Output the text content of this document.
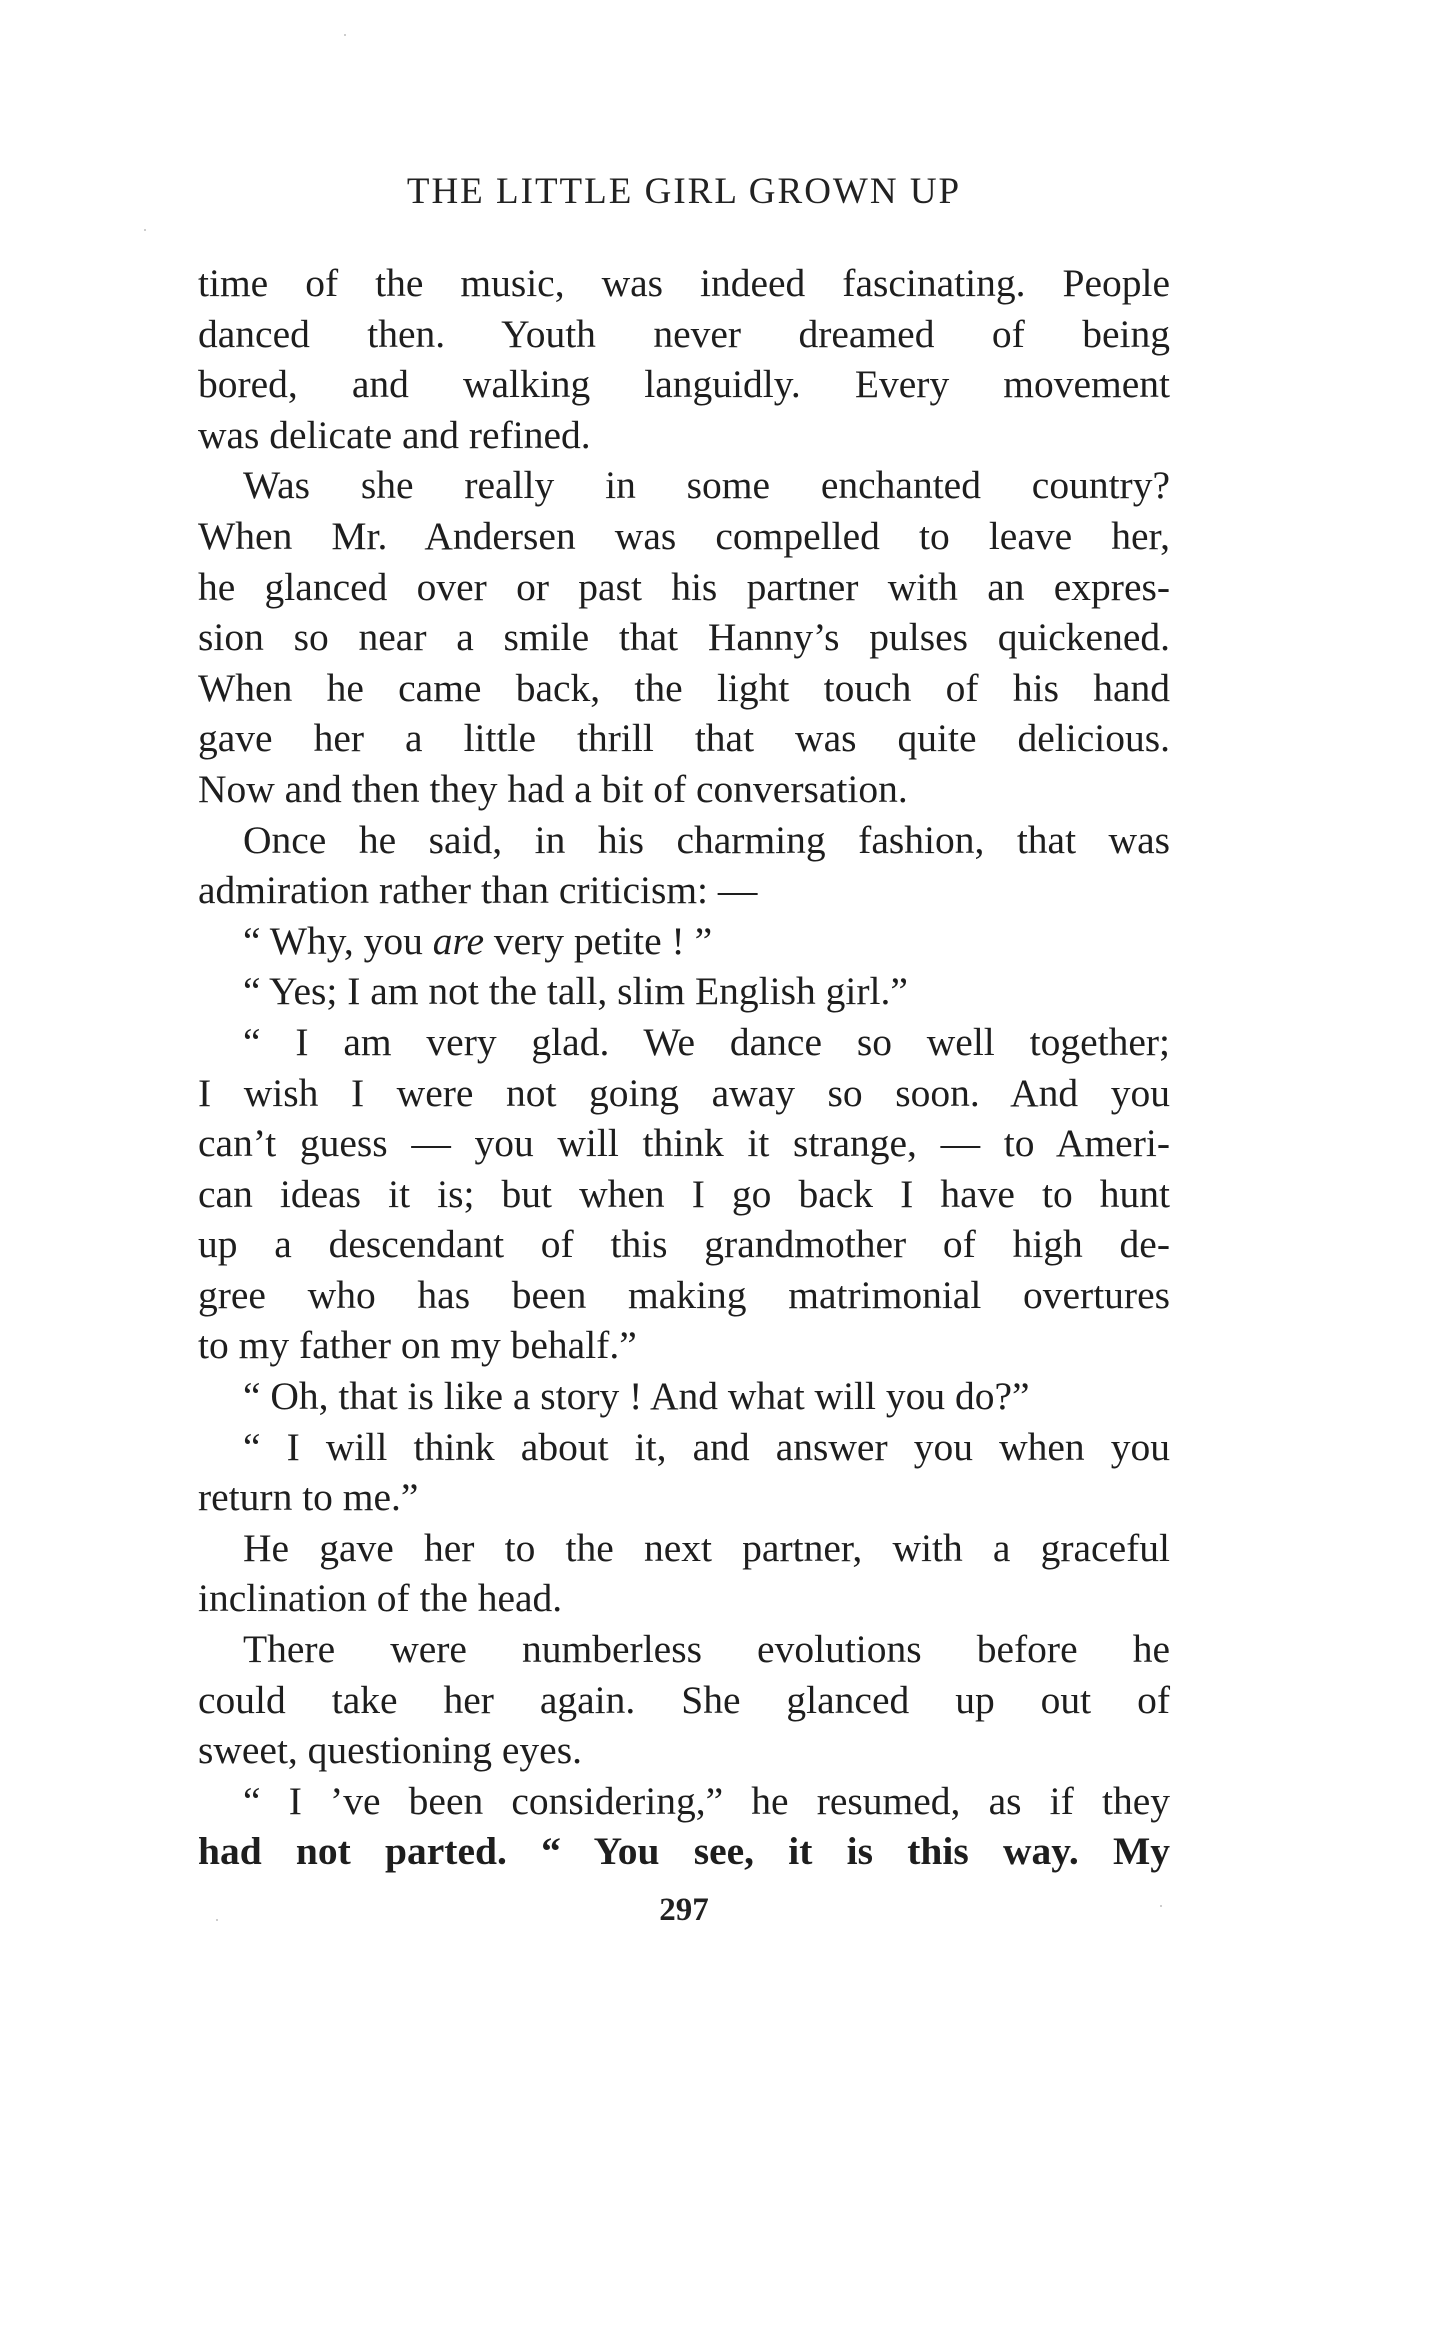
THE LITTLE GIRL GROWN UP
time of the music, was indeed fascinating. People
danced then. Youth never dreamed of being
bored, and walking languidly. Every movement
was delicate and refined.
Was she really in some enchanted country?
When Mr. Andersen was compelled to leave her,
he glanced over or past his partner with an expres-
sion so near a smile that Hanny’s pulses quickened.
When he came back, the light touch of his hand
gave her a little thrill that was quite delicious.
Now and then they had a bit of conversation.
Once he said, in his charming fashion, that was
admiration rather than criticism: —
“ Why, you are very petite ! ”
“ Yes; I am not the tall, slim English girl.”
“ I am very glad. We dance so well together;
I wish I were not going away so soon. And you
can’t guess — you will think it strange, — to Ameri-
can ideas it is; but when I go back I have to hunt
up a descendant of this grandmother of high de-
gree who has been making matrimonial overtures
to my father on my behalf.”
“ Oh, that is like a story ! And what will you do?”
“ I will think about it, and answer you when you
return to me.”
He gave her to the next partner, with a graceful
inclination of the head.
There were numberless evolutions before he
could take her again. She glanced up out of
sweet, questioning eyes.
“ I ’ve been considering,” he resumed, as if they
had not parted. “ You see, it is this way. My
297
